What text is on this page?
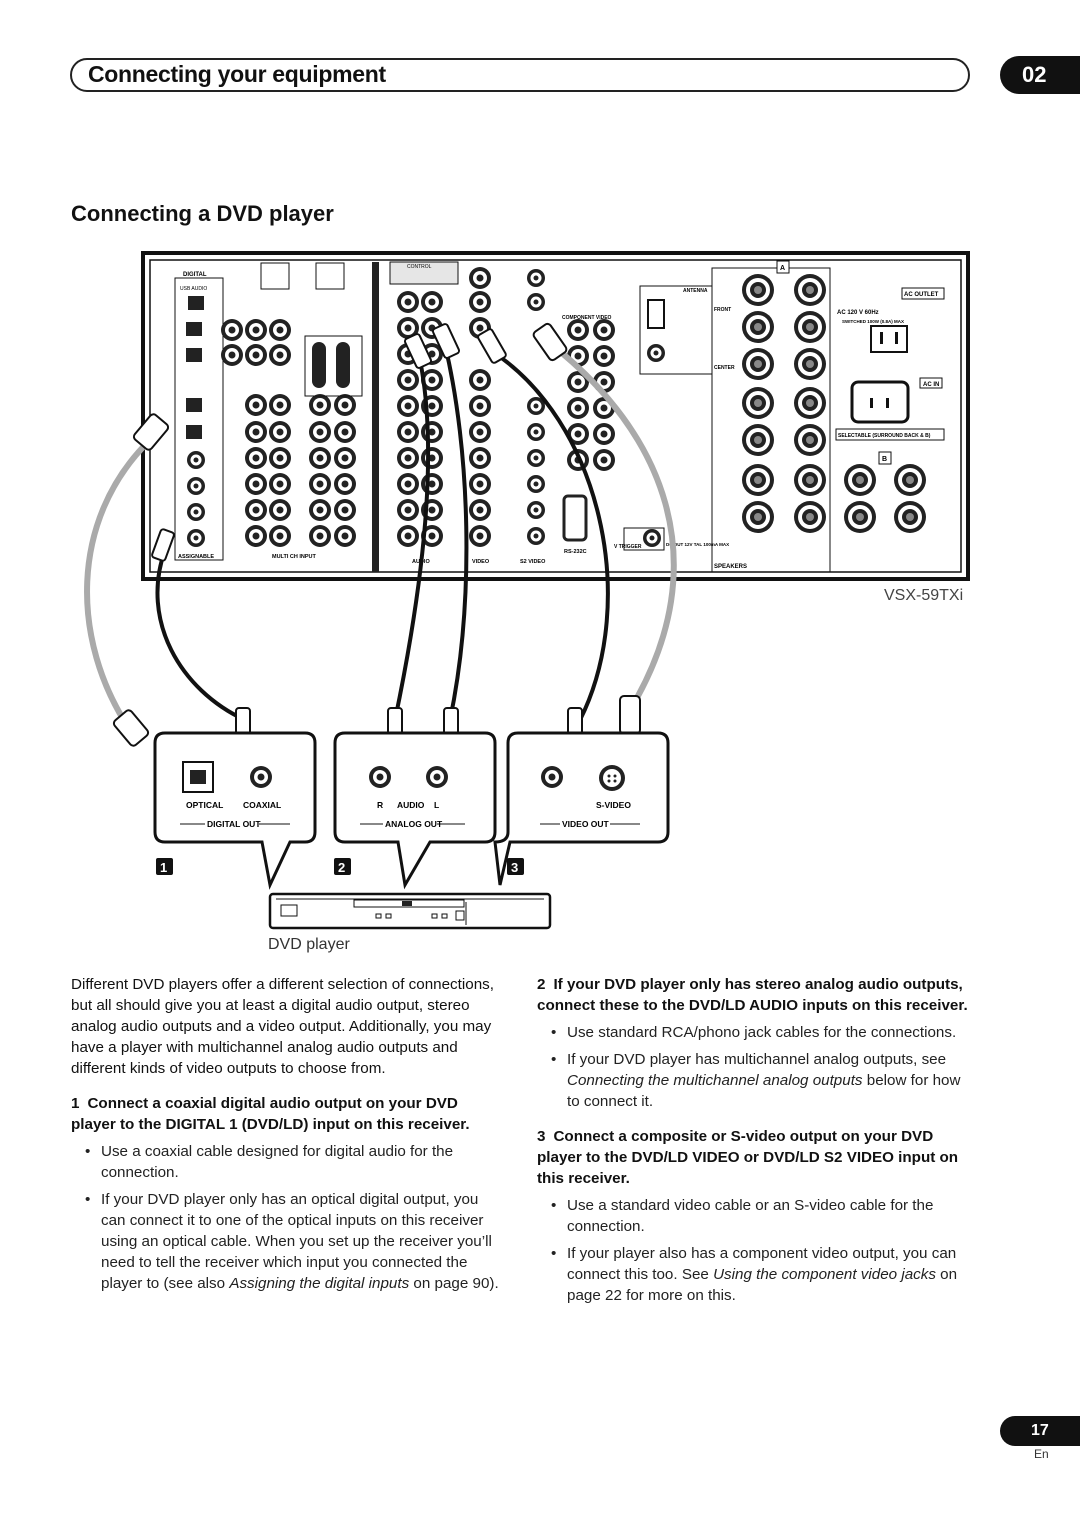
Connecting your equipment	02
Connecting a DVD player
DIGITAL
USB AUDIO
ASSIGNABLE	MULTI CH INPUT
CONTROL
AUDIO	VIDEO	S2 VIDEO
COMPONENT VIDEO
RS-232C
V TRIGGER	DC OUT 12V TAL 100mA MAX
ANTENNA
SPEAKERS
A
FRONT
CENTER
AC OUTLET
AC 120 V 60Hz
SWITCHED 100W (0.8A) MAX
AC IN
SELECTABLE (SURROUND BACK & B)
B
OPTICAL COAXIAL
DIGITAL OUT
R AUDIO L
ANALOG OUT
S-VIDEO
VIDEO OUT
1	2	3
VSX-59TXi
DVD player

Different DVD players offer a different selection of connections, but all should give you at least a digital audio output, stereo analog audio outputs and a video output. Additionally, you may have a player with multichannel analog audio outputs and different kinds of video outputs to choose from.

1 Connect a coaxial digital audio output on your DVD player to the DIGITAL 1 (DVD/LD) input on this receiver.

• Use a coaxial cable designed for digital audio for the connection.

• If your DVD player only has an optical digital output, you can connect it to one of the optical inputs on this receiver using an optical cable. When you set up the receiver you’ll need to tell the receiver which input you connected the player to (see also Assigning the digital inputs on page 90).

2 If your DVD player only has stereo analog audio outputs, connect these to the DVD/LD AUDIO inputs on this receiver.

• Use standard RCA/phono jack cables for the connections.

• If your DVD player has multichannel analog outputs, see Connecting the multichannel analog outputs below for how to connect it.

3 Connect a composite or S-video output on your DVD player to the DVD/LD VIDEO or DVD/LD S2 VIDEO input on this receiver.

• Use a standard video cable or an S-video cable for the connection.

• If your player also has a component video output, you can connect this too. See Using the component video jacks on page 22 for more on this.

17
En
